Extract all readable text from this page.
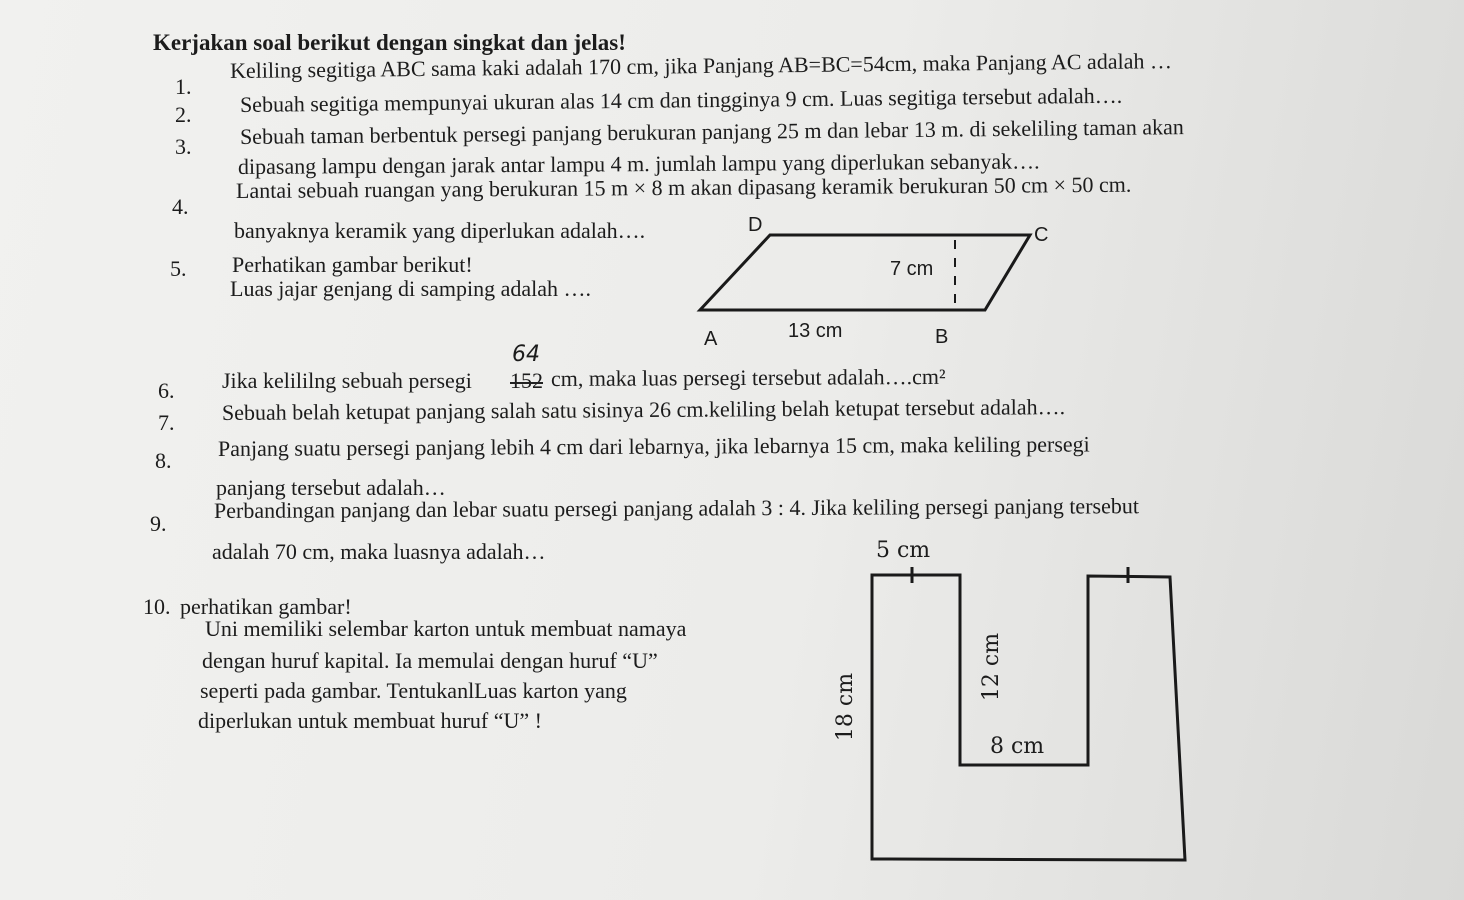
Kerjakan soal berikut dengan singkat dan jelas!
1.
Keliling segitiga ABC sama kaki adalah 170 cm, jika Panjang AB=BC=54cm, maka Panjang AC adalah …
2. Sebuah segitiga mempunyai ukuran alas 14 cm dan tingginya 9 cm. Luas segitiga tersebut adalah….
3. Sebuah taman berbentuk persegi panjang berukuran panjang 25 m dan lebar 13 m. di sekeliling taman akan
dipasang lampu dengan jarak antar lampu 4 m. jumlah lampu yang diperlukan sebanyak….
4.
Lantai sebuah ruangan yang berukuran 15 m × 8 m akan dipasang keramik berukuran 50 cm × 50 cm.
banyaknya keramik yang diperlukan adalah….
5. Perhatikan gambar berikut!
Luas jajar genjang di samping adalah ….
D	C
7 cm
A	13 cm	B
6. Jika kelililng sebuah persegi
64
152 cm, maka luas persegi tersebut adalah….cm²
7. Sebuah belah ketupat panjang salah satu sisinya 26 cm.keliling belah ketupat tersebut adalah….
8. Panjang suatu persegi panjang lebih 4 cm dari lebarnya, jika lebarnya 15 cm, maka keliling persegi
panjang tersebut adalah…
9.
Perbandingan panjang dan lebar suatu persegi panjang adalah 3 : 4. Jika keliling persegi panjang tersebut
adalah 70 cm, maka luasnya adalah…
10. perhatikan gambar!
Uni memiliki selembar karton untuk membuat namaya
dengan huruf kapital. Ia memulai dengan huruf “U”
seperti pada gambar. TentukanlLuas karton yang
diperlukan untuk membuat huruf “U” !
5 cm
18 cm
12 cm
8 cm
